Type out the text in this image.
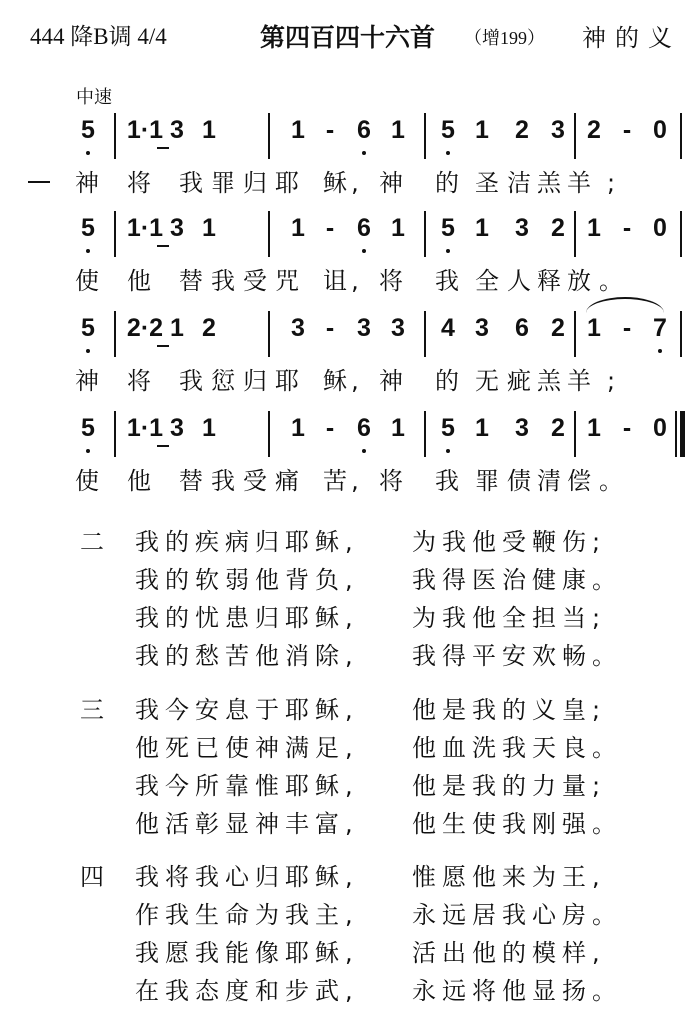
444 降B调 4/4	第四百四十六首 （增199） 神的义
中速
5 1·1 3 1	1 - 6 1 5 1 2 3 2 - 0
神 将 我 罪 归 耶 稣 , 神 的 圣 洁 羔 羊 ;
5 1·1 3 1	1 - 6 1 5 1 3 2 1 - 0
使 他 替 我 受 咒 诅 , 将 我 全 人 释 放 。
5 2·2 1 2	3 - 3 3 4 3 6 2 1 - 7
神 将 我 愆 归 耶 稣 , 神 的 无 疵 羔 羊 ;
5 1·1 3 1	1 - 6 1 5 1 3 2 1 - 0
使 他 替 我 受 痛 苦 , 将 我 罪 债 清 偿 。
二 我的疾病归耶稣, 为我他受鞭伤;
我的软弱他背负, 我得医治健康。
我的忧患归耶稣, 为我他全担当;
我的愁苦他消除, 我得平安欢畅。
三 我今安息于耶稣, 他是我的义皇;
他死已使神满足, 他血洗我天良。
我今所靠惟耶稣, 他是我的力量;
他活彰显神丰富, 他生使我刚强。
四 我将我心归耶稣, 惟愿他来为王,
作我生命为我主, 永远居我心房。
我愿我能像耶稣, 活出他的模样,
在我态度和步武, 永远将他显扬。
